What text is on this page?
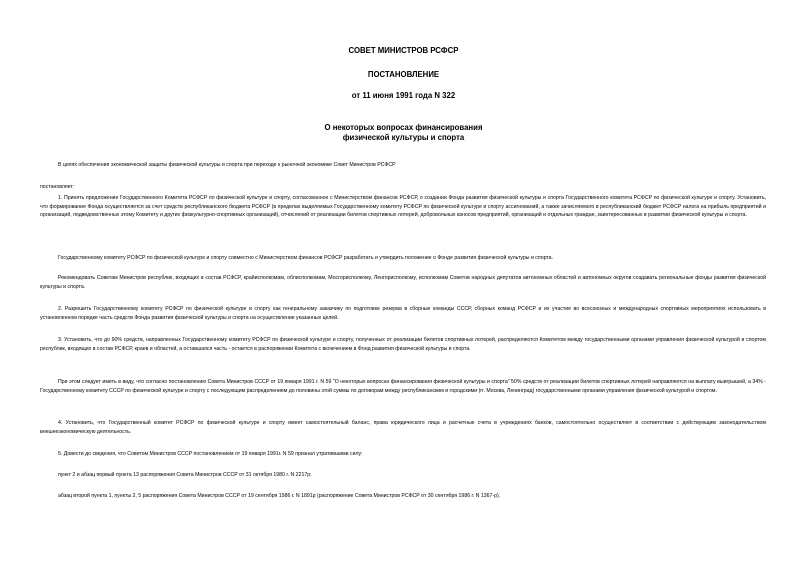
СОВЕТ МИНИСТРОВ РСФСР

ПОСТАНОВЛЕНИЕ

от 11 июня 1991 года N 322

О некоторых вопросах финансирования
физической культуры и спорта

В целях обеспечения экономической защиты физической культуры и спорта при переходе к рыночной экономике Совет Министров РСФСР

постановляет:

1. Принять предложение Государственного Комитета РСФСР по физической культуре и спорту, согласованное с Министерством финансов РСФСР, о создании Фонда развития физической культуры и спорта Государственного комитета РСФСР по физической культуре и спорту. Установить, что формирование Фонда осуществляется за счет средств республиканского бюджета РСФСР (в пределах выделяемых Государственному комитету РСФСР по физической культуре и спорту ассигнований, а также зачисляемого в республиканский бюджет РСФСР налога на прибыль предприятий и организаций, подведомственных этому Комитету и других физкультурно-спортивных организаций), отчислений от реализации билетов спортивных лотерей, добровольных взносов предприятий, организаций и отдельных граждан, заинтересованных в развитии физической культуры и спорта.

Государственному комитету РСФСР по физической культуре и спорту совместно с Министерством финансов РСФСР разработать и утвердить положение о Фонде развития физической культуры и спорта.

Рекомендовать Советам Министров республик, входящих в состав РСФСР, крайисполкомам, облисполкомам, Мосгорисполкому, Ленгорисполкому, исполкомам Советов народных депутатов автономных областей и автономных округов создавать региональные фонды развития физической культуры и спорта.

2. Разрешить Государственному комитету РСФСР по физической культуре и спорту как генеральному заказчику по подготовке резерва в сборные команды СССР, сборных команд РСФСР и их участие во всесоюзных и международных спортивных мероприятиях использовать в установленном порядке часть средств Фонда развития физической культуры и спорта на осуществление указанных целей.

3. Установить, что до 90% средств, направленных Государственному комитету РСФСР по физической культуре и спорту, полученных от реализации билетов спортивных лотерей, распределяются Комитетом между государственными органами управления физической культурой и спортом республик, входящих в состав РСФСР, краев и областей, а оставшаяся часть - остается в распоряжении Комитета с включением в Фонд развития физической культуры и спорта.

При этом следует иметь в виду, что согласно постановлению Совета Министров СССР от 19 января 1991 г. N 59 "О некоторых вопросах финансирования физической культуры и спорта" 50% средств от реализации билетов спортивных лотерей направляются на выплату выигрышей, а 34% - Государственному комитету СССР по физической культуре и спорту с последующим распределением до половины этой суммы по договорам между республиканским и городскими (гг. Москва, Ленинград) государственными органами управления физической культурой и спортом.

4. Установить, что Государственный комитет РСФСР по физической культуре и спорту имеет самостоятельный баланс, права юридического лица и расчетные счета в учреждениях банков, самостоятельно осуществляет в соответствии с действующим законодательством внешнеэкономическую деятельность.

5. Довести до сведения, что Советом Министров СССР постановлением от 19 января 1991г. N 59 признал утратившими силу:

пункт 2 и абзац первый пункта 13 распоряжения Совета Министров СССР от 31 октября 1980 г. N 2217р;

абзац второй пункта 1, пункты 2, 5 распоряжения Совета Министров СССР от 19 сентября 1986 г. N 1891р (распоряжение Совета Министров РСФСР от 30 сентября 1986 г. N 1367-р).
